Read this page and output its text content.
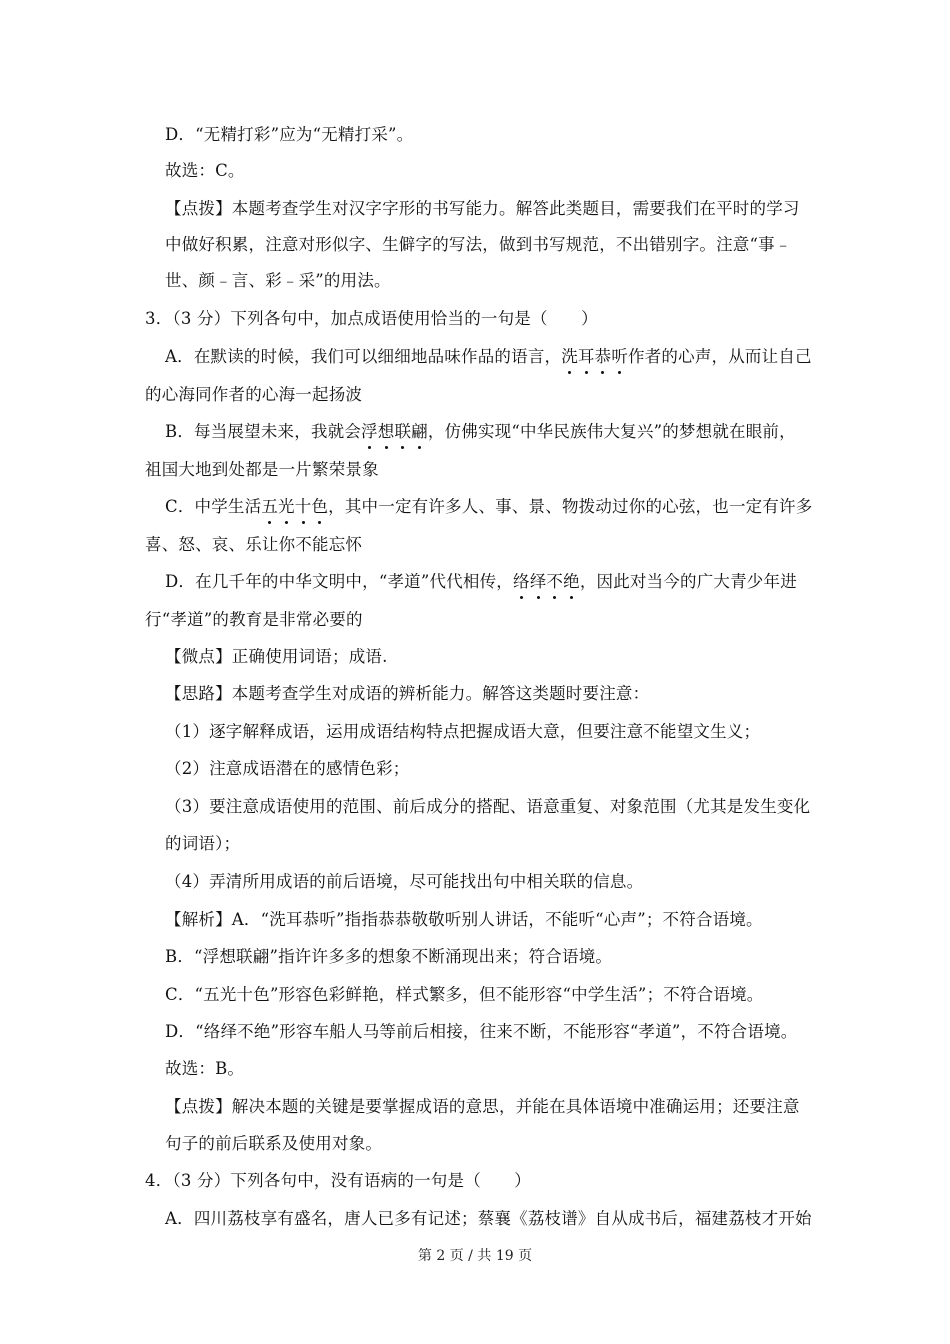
D．“无精打彩”应为“无精打采”。
故选：C。
【点拨】本题考查学生对汉字字形的书写能力。解答此类题目，需要我们在平时的学习
中做好积累，注意对形似字、生僻字的写法，做到书写规范，不出错别字。注意“事﹣
世、颜﹣言、彩﹣采”的用法。
3．（3 分）下列各句中，加点成语使用恰当的一句是（　　）
A．在默读的时候，我们可以细细地品味作品的语言，洗耳恭听作者的心声，从而让自己
的心海同作者的心海一起扬波
B．每当展望未来，我就会浮想联翩，仿佛实现“中华民族伟大复兴”的梦想就在眼前，
祖国大地到处都是一片繁荣景象
C．中学生活五光十色，其中一定有许多人、事、景、物拨动过你的心弦，也一定有许多
喜、怒、哀、乐让你不能忘怀
D．在几千年的中华文明中，“孝道”代代相传，络绎不绝，因此对当今的广大青少年进
行“孝道”的教育是非常必要的
【微点】正确使用词语；成语.
【思路】本题考查学生对成语的辨析能力。解答这类题时要注意：
（1）逐字解释成语，运用成语结构特点把握成语大意，但要注意不能望文生义；
（2）注意成语潜在的感情色彩；
（3）要注意成语使用的范围、前后成分的搭配、语意重复、对象范围（尤其是发生变化
的词语）；
（4）弄清所用成语的前后语境，尽可能找出句中相关联的信息。
【解析】A．“洗耳恭听”指指恭恭敬敬听别人讲话，不能听“心声”；不符合语境。
B．“浮想联翩”指许许多多的想象不断涌现出来；符合语境。
C．“五光十色”形容色彩鲜艳，样式繁多，但不能形容“中学生活”；不符合语境。
D．“络绎不绝”形容车船人马等前后相接，往来不断，不能形容“孝道”，不符合语境。
故选：B。
【点拨】解决本题的关键是要掌握成语的意思，并能在具体语境中准确运用；还要注意
句子的前后联系及使用对象。
4．（3 分）下列各句中，没有语病的一句是（　　）
A．四川荔枝享有盛名，唐人已多有记述；蔡襄《荔枝谱》自从成书后，福建荔枝才开始
第 2 页 / 共 19 页
